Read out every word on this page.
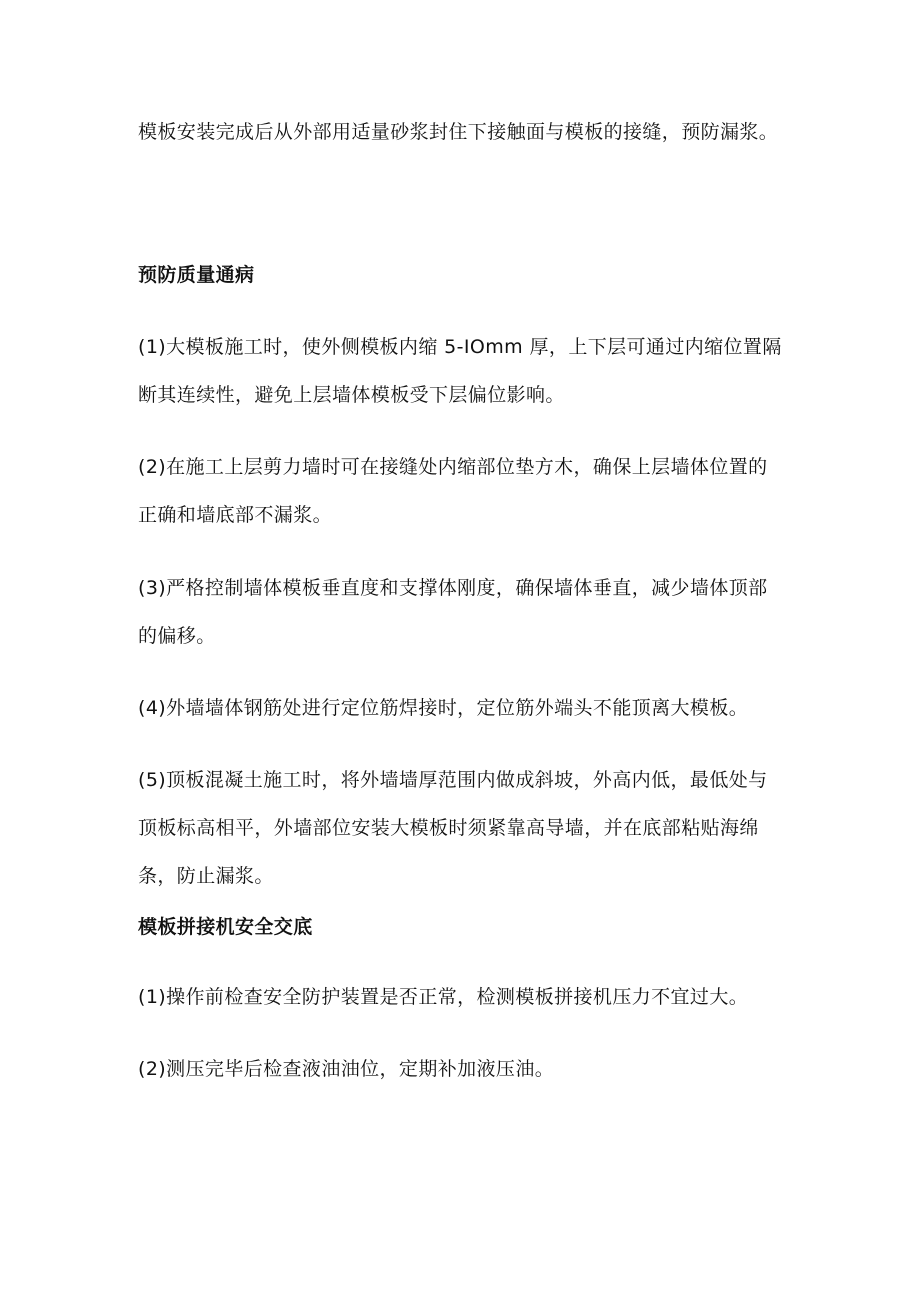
模板安装完成后从外部用适量砂浆封住下接触面与模板的接缝，预防漏浆。
预防质量通病
(1)大模板施工时，使外侧模板内缩 5-IOmm 厚，上下层可通过内缩位置隔
断其连续性，避免上层墙体模板受下层偏位影响。
(2)在施工上层剪力墙时可在接缝处内缩部位垫方木，确保上层墙体位置的
正确和墙底部不漏浆。
(3)严格控制墙体模板垂直度和支撑体刚度，确保墙体垂直，减少墙体顶部
的偏移。
(4)外墙墙体钢筋处进行定位筋焊接时，定位筋外端头不能顶离大模板。
(5)顶板混凝土施工时，将外墙墙厚范围内做成斜坡，外高内低，最低处与
顶板标高相平，外墙部位安装大模板时须紧靠高导墙，并在底部粘贴海绵
条，防止漏浆。
模板拼接机安全交底
(1)操作前检查安全防护装置是否正常，检测模板拼接机压力不宜过大。
(2)测压完毕后检查液油油位，定期补加液压油。
